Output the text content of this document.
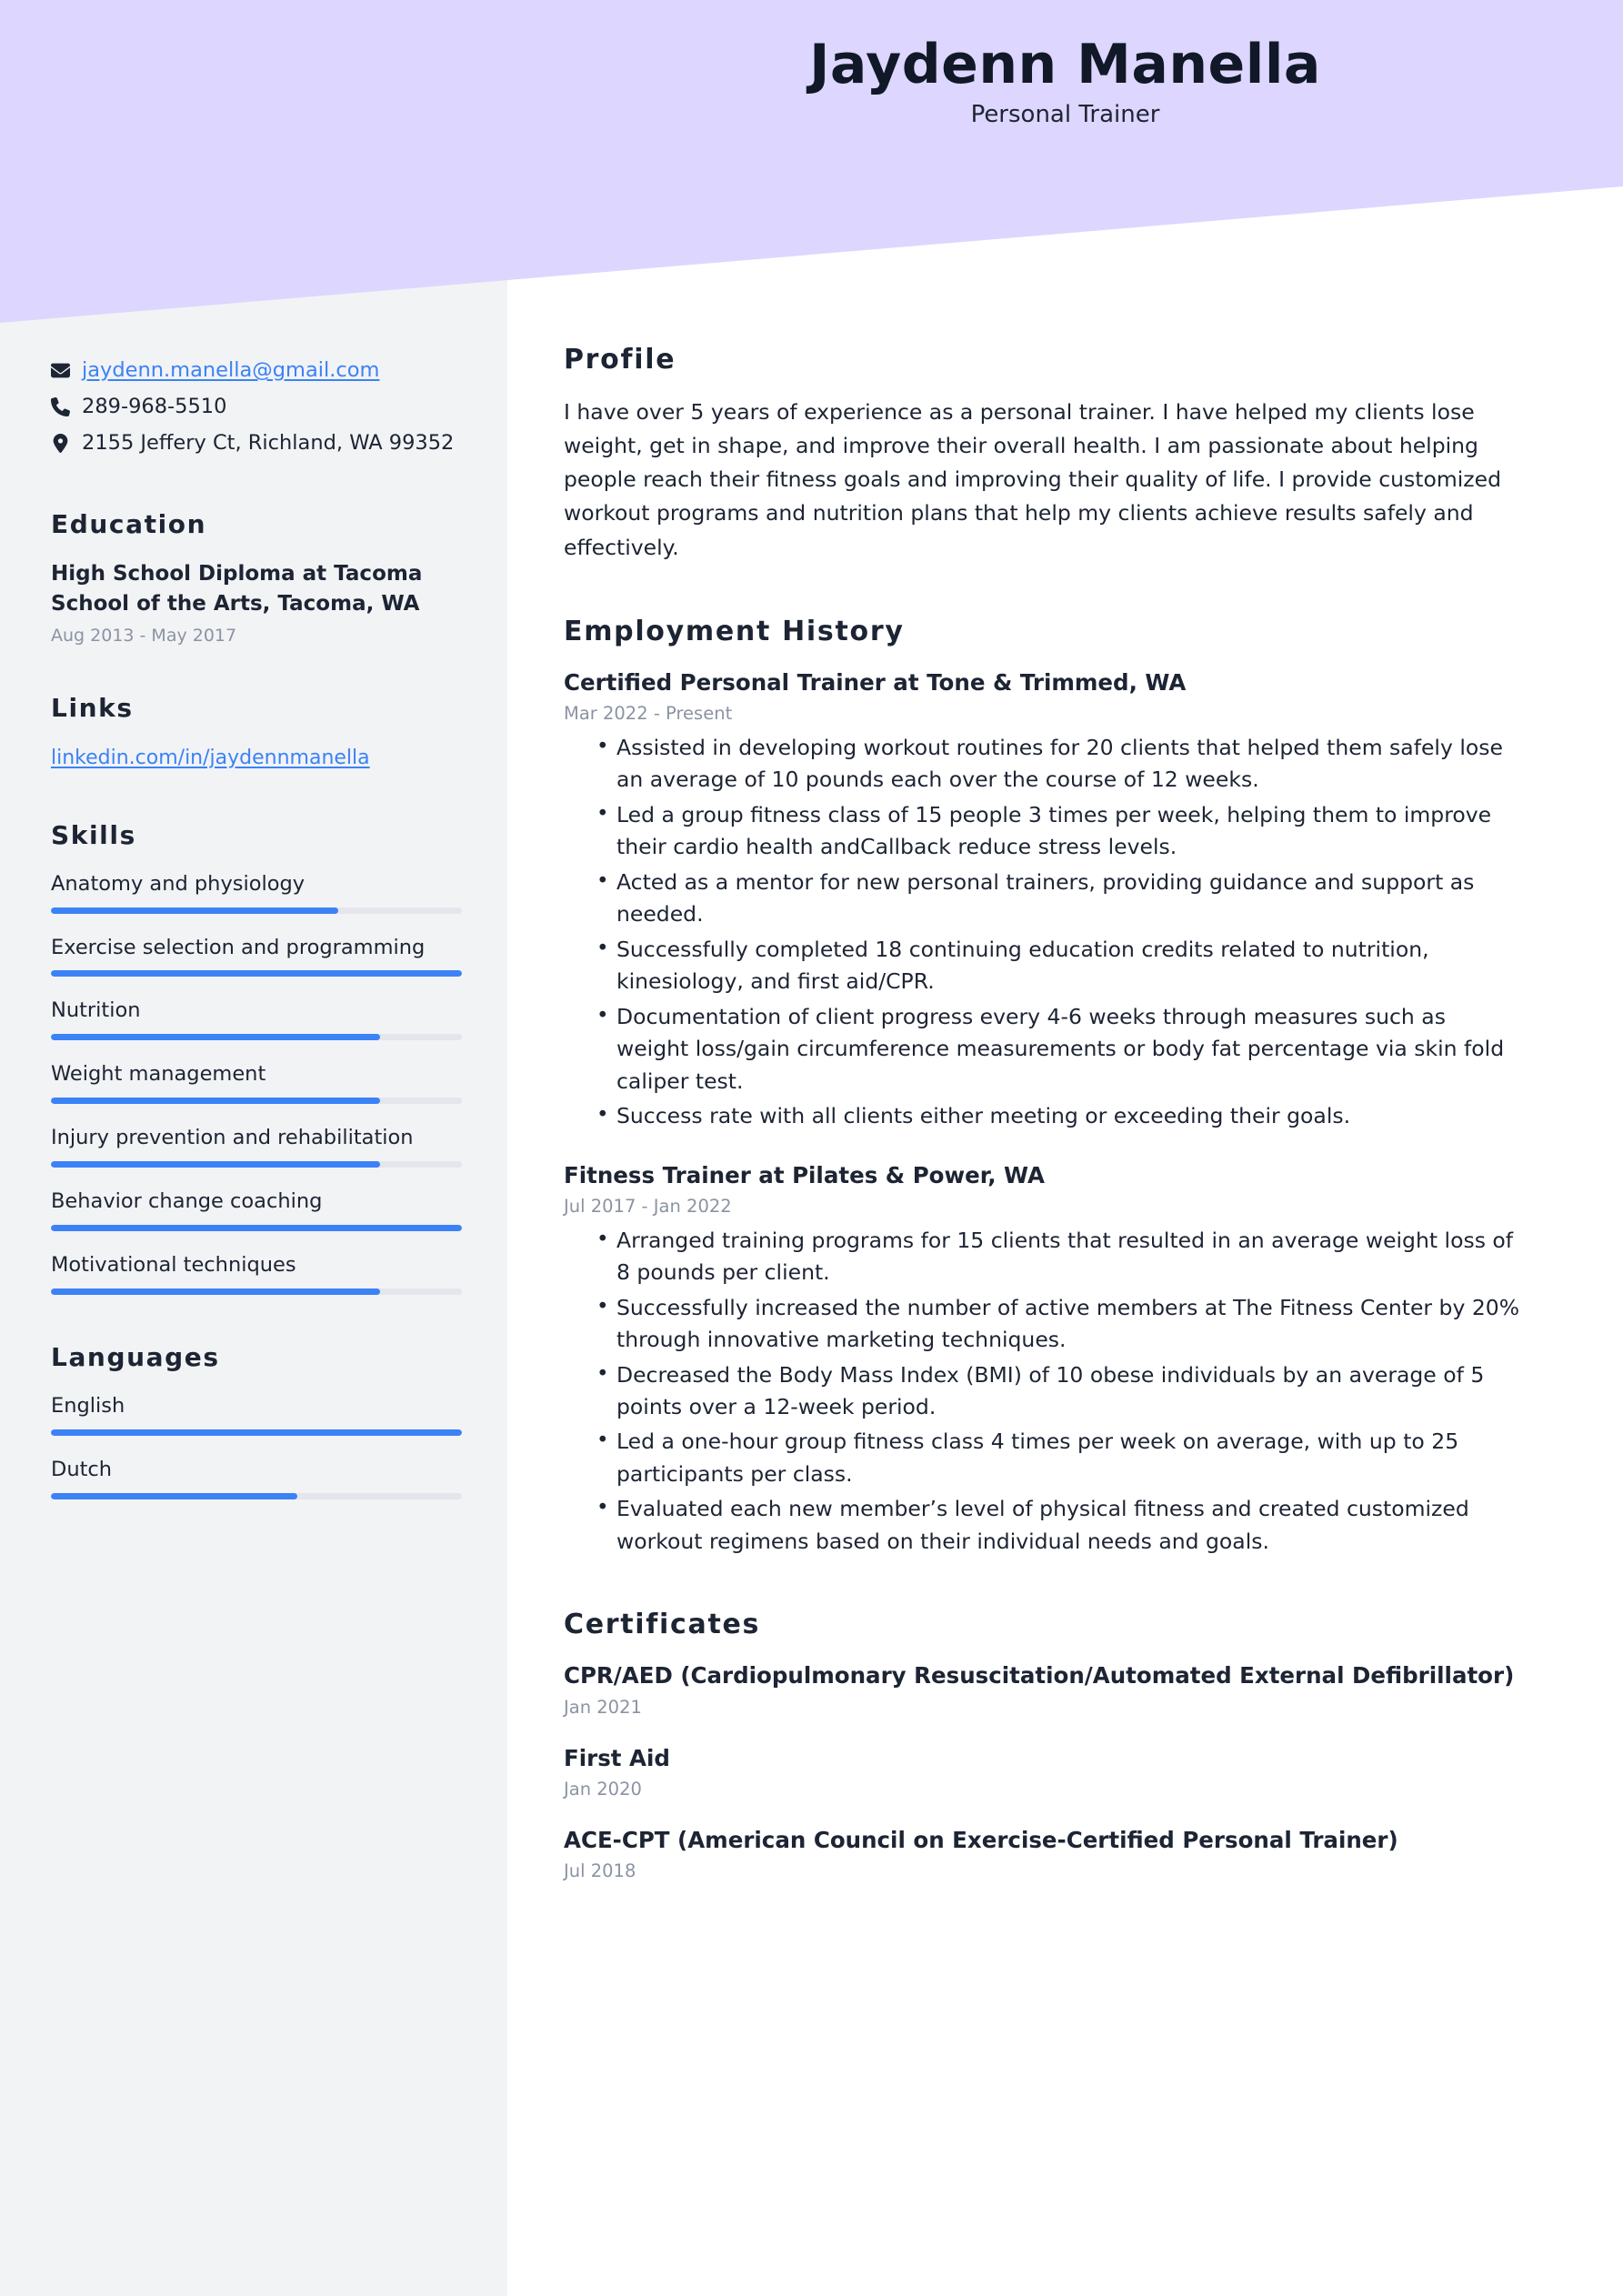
Jaydenn Manella
Personal Trainer
jaydenn.manella@gmail.com
289-968-5510
2155 Jeffery Ct, Richland, WA 99352
Education
High School Diploma at Tacoma School of the Arts, Tacoma, WA
Aug 2013 - May 2017
Links
linkedin.com/in/jaydennmanella
Skills
Anatomy and physiology
Exercise selection and programming
Nutrition
Weight management
Injury prevention and rehabilitation
Behavior change coaching
Motivational techniques
Languages
English
Dutch
Profile

I have over 5 years of experience as a personal trainer. I have helped my clients lose weight, get in shape, and improve their overall health. I am passionate about helping people reach their fitness goals and improving their quality of life. I provide customized workout programs and nutrition plans that help my clients achieve results safely and effectively.

Employment History
Certified Personal Trainer at Tone & Trimmed, WA
Mar 2022 - Present
• Assisted in developing workout routines for 20 clients that helped them safely lose an average of 10 pounds each over the course of 12 weeks.
• Led a group fitness class of 15 people 3 times per week, helping them to improve their cardio health andCallback reduce stress levels.
• Acted as a mentor for new personal trainers, providing guidance and support as needed.
• Successfully completed 18 continuing education credits related to nutrition, kinesiology, and first aid/CPR.
• Documentation of client progress every 4-6 weeks through measures such as weight loss/gain circumference measurements or body fat percentage via skin fold caliper test.
• Success rate with all clients either meeting or exceeding their goals.
Fitness Trainer at Pilates & Power, WA
Jul 2017 - Jan 2022
• Arranged training programs for 15 clients that resulted in an average weight loss of 8 pounds per client.
• Successfully increased the number of active members at The Fitness Center by 20% through innovative marketing techniques.
• Decreased the Body Mass Index (BMI) of 10 obese individuals by an average of 5 points over a 12-week period.
• Led a one-hour group fitness class 4 times per week on average, with up to 25 participants per class.
• Evaluated each new member’s level of physical fitness and created customized workout regimens based on their individual needs and goals.
Certificates
CPR/AED (Cardiopulmonary Resuscitation/Automated External Defibrillator)
Jan 2021
First Aid
Jan 2020
ACE-CPT (American Council on Exercise-Certified Personal Trainer)
Jul 2018
